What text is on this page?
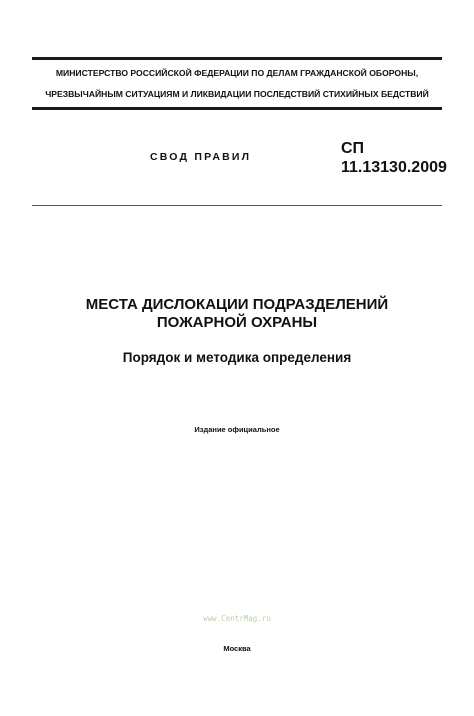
МИНИСТЕРСТВО РОССИЙСКОЙ ФЕДЕРАЦИИ ПО ДЕЛАМ ГРАЖДАНСКОЙ ОБОРОНЫ,
ЧРЕЗВЫЧАЙНЫМ СИТУАЦИЯМ И ЛИКВИДАЦИИ ПОСЛЕДСТВИЙ СТИХИЙНЫХ БЕДСТВИЙ
СВОД ПРАВИЛ	СП
11.13130.2009
МЕСТА ДИСЛОКАЦИИ ПОДРАЗДЕЛЕНИЙ
ПОЖАРНОЙ ОХРАНЫ
Порядок и методика определения
Издание официальное
www.CentrMag.ru
Москва
